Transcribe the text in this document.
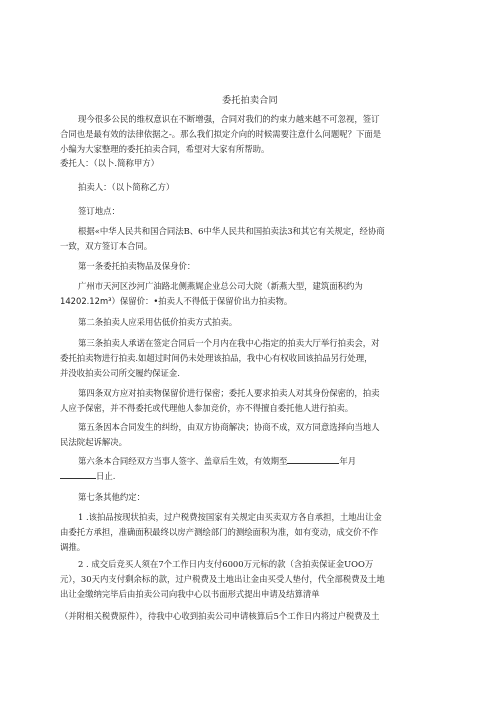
委托拍卖合同
现今很多公民的维权意识在不断增强，合同对我们的约束力越来越不可忽视，签订
合同也是最有效的法律依据之-。那么我们拟定介向的时候需要注意什么问题呢？下面是
小编为大家整理的委托拍卖合同，希望对大家有所帮助。
委托人：（以卜.简称甲方）
拍卖人：（以卜简称乙方）
签订地点：
根据«中华人民共和国合同法B、6中华人民共和国拍卖法3和其它有关规定，经协商
一致，双方签订本合同。
第一条委托拍卖物品及保身价：
广州市天河区沙河广油路北侧燕娓企业总公司大院（新燕大型，建筑面积约为
14202.12m³）保留价：•拍卖人不得低于保留价出力拍卖物。
第二条拍卖人应采用估低价拍卖方式拍卖。
第三条拍卖人承诺在签定合同后一个月内在我中心指定的拍卖大厅举行拍卖会，对
委托拍卖物进行拍卖.如超过时间仍未处理该拍品，我中心有权收回该拍品另行处理，
并没收拍卖公司所交履约保证金.
第四条双方应对拍卖物保留价进行保密；委托人要求拍卖人对其身份保密的，拍卖
人应予保密，并不得委托或代理他人参加竞价，亦不得擅自委托他人进行拍卖。
第五条因本合同发生的纠纷，由双方协商解决；协商不成，双方同意选择向当地人
民法院起诉解决。
第六条本合同经双方当事人签字、盖章后生效，有效期至	年月
日止.
第七条其他约定：
1 .该拍品按现状拍卖，过户税费按国家有关规定由买卖双方各自承担，土地出让金
由委托方承担，准确面积最终以房产测绘部门的测绘面积为准，如有变动，成交价不作
调推。
2 . 成交后竞买人须在7个工作日内支付6000万元标的款（含拍卖保证金UOO万
元），30天内支付剩余标的款，过户税费及土地出让金由买受人垫付，代全部税费及土地
出让金缴纳完毕后由拍卖公司向我中心以书面形式提出申请及结算清单
（并附相关税费原件），待我中心收到拍卖公司申请核算后5个工作日内将过户税费及土
